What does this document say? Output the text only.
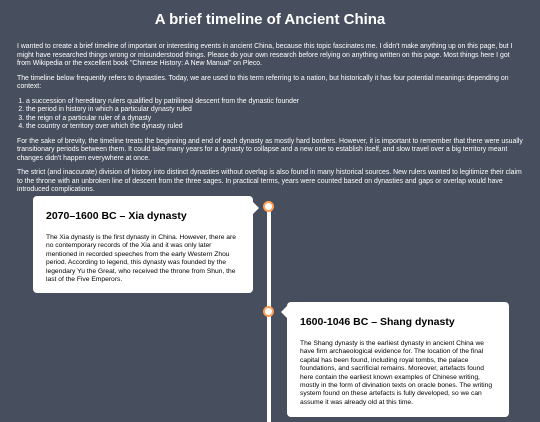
A brief timeline of Ancient China

I wanted to create a brief timeline of important or interesting events in ancient China, because this topic fascinates me. I didn't make anything up on this page, but I might have researched things wrong or misunderstood things. Please do your own research before relying on anything written on this page. Most things here I got from Wikipedia or the excellent book "Chinese History: A New Manual" on Pleco.

The timeline below frequently refers to dynasties. Today, we are used to this term referring to a nation, but historically it has four potential meanings depending on context:

1. a succession of hereditary rulers qualified by patrilineal descent from the dynastic founder
2. the period in history in which a particular dynasty ruled
3. the reign of a particular ruler of a dynasty
4. the country or territory over which the dynasty ruled

For the sake of brevity, the timeline treats the beginning and end of each dynasty as mostly hard borders. However, it is important to remember that there were usually transitionary periods between them. It could take many years for a dynasty to collapse and a new one to establish itself, and slow travel over a big territory meant changes didn't happen everywhere at once.

The strict (and inaccurate) division of history into distinct dynasties without overlap is also found in many historical sources. New rulers wanted to legitimize their claim to the throne with an unbroken line of descent from the three sages. In practical terms, years were counted based on dynasties and gaps or overlap would have introduced complications.

2070–1600 BC – Xia dynasty

The Xia dynasty is the first dynasty in China. However, there are no contemporary records of the Xia and it was only later mentioned in recorded speeches from the early Western Zhou period. According to legend, this dynasty was founded by the legendary Yu the Great, who received the throne from Shun, the last of the Five Emperors.

1600-1046 BC – Shang dynasty

The Shang dynasty is the earliest dynasty in ancient China we have firm archaeological evidence for. The location of the final capital has been found, including royal tombs, the palace foundations, and sacrificial remains. Moreover, artefacts found here contain the earliest known examples of Chinese writing, mostly in the form of divination texts on oracle bones. The writing system found on these artefacts is fully developed, so we can assume it was already old at this time.
